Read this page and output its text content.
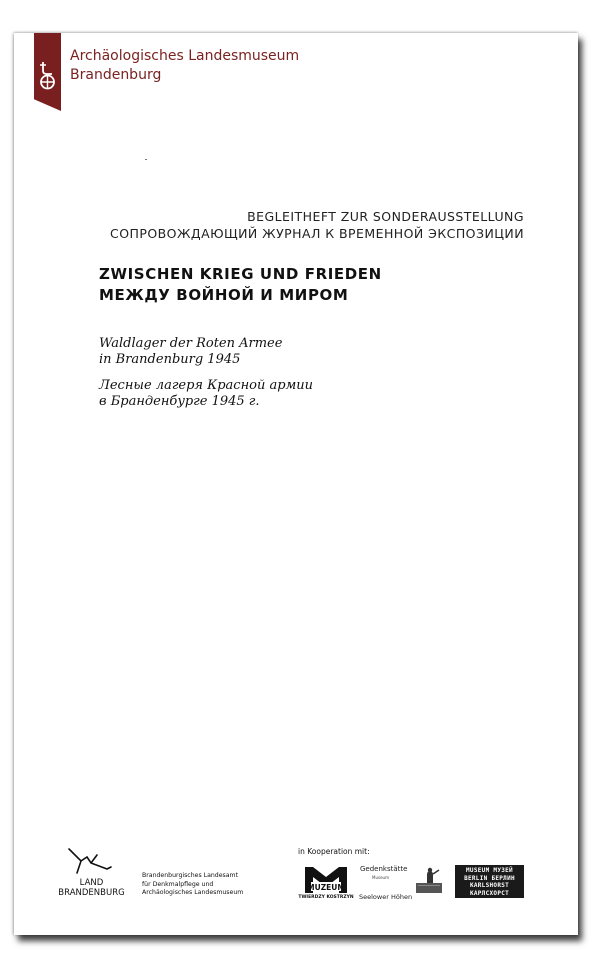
Archäologisches Landesmuseum
Brandenburg
BEGLEITHEFT ZUR SONDERAUSSTELLUNG
СОПРОВОЖДАЮЩИЙ ЖУРНАЛ К ВРЕМЕННОЙ ЭКСПОЗИЦИИ
ZWISCHEN KRIEG UND FRIEDEN
МЕЖДУ ВОЙНОЙ И МИРОМ
Waldlager der Roten Armee
in Brandenburg 1945
Лесные лагеря Красной армии
в Бранденбурге 1945 г.
LAND
BRANDENBURG
Brandenburgisches Landesamt
für Denkmalpflege und
Archäologisches Landesmuseum
in Kooperation mit:
MUZEUM
TWIERDZY KOSTRZYN
Gedenkstätte
Museum
Seelower Höhen
MUSEUM МУЗЕЙ
BERLIN БЕРЛИН
KARLSHORST
КАРЛСХОРСТ
